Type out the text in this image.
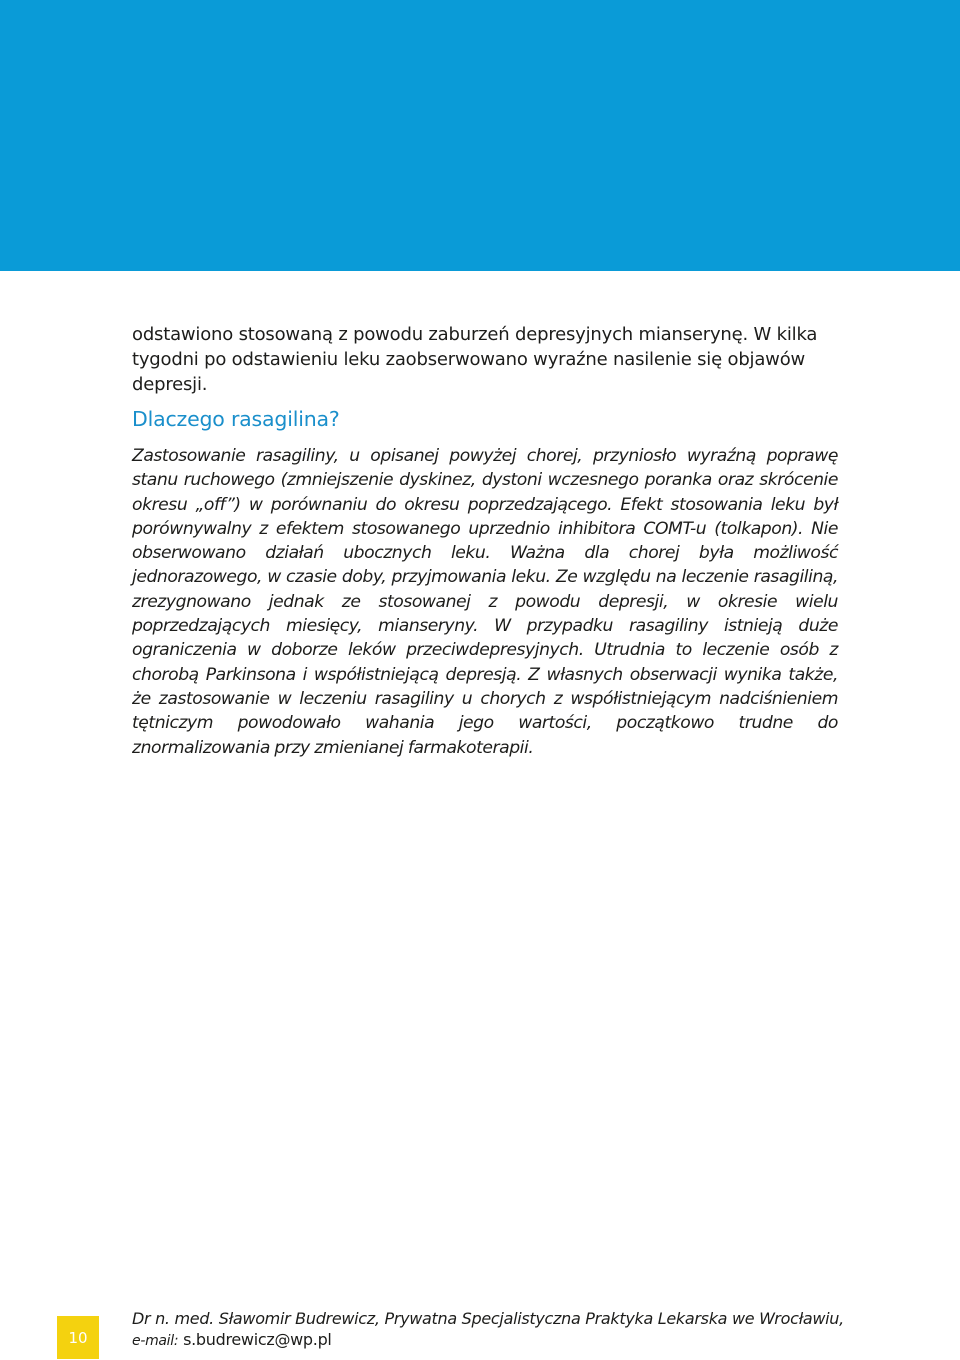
odstawiono stosowaną z powodu zaburzeń depresyjnych mianserynę. W kilka tygodni po odstawieniu leku zaobserwowano wyraźne nasilenie się objawów depresji.

Dlaczego rasagilina?

Zastosowanie rasagiliny, u opisanej powyżej chorej, przyniosło wyraźną poprawę stanu ruchowego (zmniejszenie dyskinez, dystoni wczesnego poranka oraz skrócenie okresu „off”) w porównaniu do okresu poprzedzającego. Efekt stosowania leku był porównywalny z efektem stosowanego uprzednio inhibitora COMT-u (tolkapon). Nie obserwowano działań ubocznych leku. Ważna dla chorej była możliwość jednorazowego, w czasie doby, przyjmowania leku. Ze względu na leczenie rasagiliną, zrezygnowano jednak ze stosowanej z powodu depresji, w okresie wielu poprzedzających miesięcy, mianseryny. W przypadku rasagiliny istnieją duże ograniczenia w doborze leków przeciwdepresyjnych. Utrudnia to leczenie osób z chorobą Parkinsona i współistniejącą depresją. Z własnych obserwacji wynika także, że zastosowanie w leczeniu rasagiliny u chorych z współistniejącym nadciśnieniem tętniczym powodowało wahania jego wartości, początkowo trudne do znormalizowania przy zmienianej farmakoterapii.

10
Dr n. med. Sławomir Budrewicz, Prywatna Specjalistyczna Praktyka Lekarska we Wrocławiu,
e-mail: s.budrewicz@wp.pl
